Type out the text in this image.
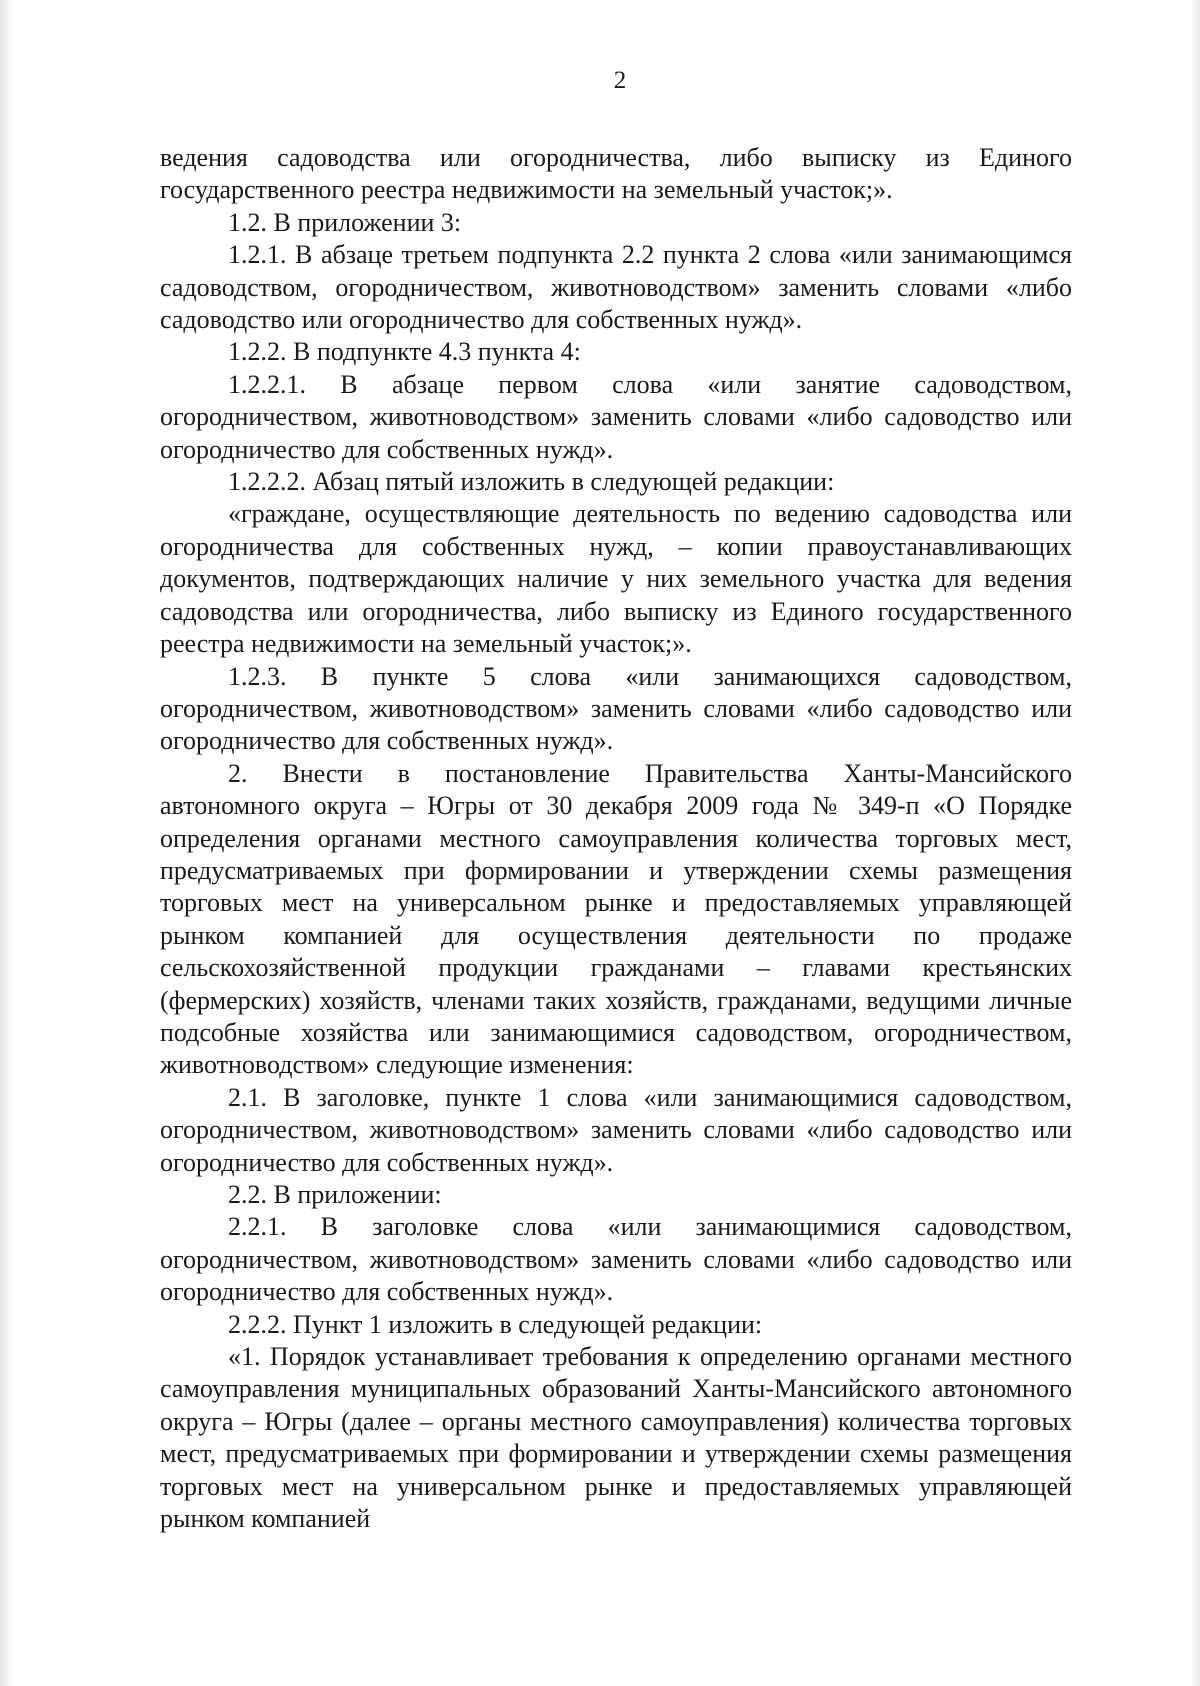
2

ведения садоводства или огородничества, либо выписку из Единого государственного реестра недвижимости на земельный участок;».

1.2. В приложении 3:

1.2.1. В абзаце третьем подпункта 2.2 пункта 2 слова «или занимающимся садоводством, огородничеством, животноводством» заменить словами «либо садоводство или огородничество для собственных нужд».

1.2.2. В подпункте 4.3 пункта 4:

1.2.2.1. В абзаце первом слова «или занятие садоводством, огородничеством, животноводством» заменить словами «либо садоводство или огородничество для собственных нужд».

1.2.2.2. Абзац пятый изложить в следующей редакции:

«граждане, осуществляющие деятельность по ведению садоводства или огородничества для собственных нужд, – копии правоустанавливающих документов, подтверждающих наличие у них земельного участка для ведения садоводства или огородничества, либо выписку из Единого государственного реестра недвижимости на земельный участок;».

1.2.3. В пункте 5 слова «или занимающихся садоводством, огородничеством, животноводством» заменить словами «либо садоводство или огородничество для собственных нужд».

2. Внести в постановление Правительства Ханты-Мансийского автономного округа – Югры от 30 декабря 2009 года № 349-п «О Порядке определения органами местного самоуправления количества торговых мест, предусматриваемых при формировании и утверждении схемы размещения торговых мест на универсальном рынке и предоставляемых управляющей рынком компанией для осуществления деятельности по продаже сельскохозяйственной продукции гражданами – главами крестьянских (фермерских) хозяйств, членами таких хозяйств, гражданами, ведущими личные подсобные хозяйства или занимающимися садоводством, огородничеством, животноводством» следующие изменения:

2.1. В заголовке, пункте 1 слова «или занимающимися садоводством, огородничеством, животноводством» заменить словами «либо садоводство или огородничество для собственных нужд».

2.2. В приложении:

2.2.1. В заголовке слова «или занимающимися садоводством, огородничеством, животноводством» заменить словами «либо садоводство или огородничество для собственных нужд».

2.2.2. Пункт 1 изложить в следующей редакции:

«1. Порядок устанавливает требования к определению органами местного самоуправления муниципальных образований Ханты-Мансийского автономного округа – Югры (далее – органы местного самоуправления) количества торговых мест, предусматриваемых при формировании и утверждении схемы размещения торговых мест на универсальном рынке и предоставляемых управляющей рынком компанией
